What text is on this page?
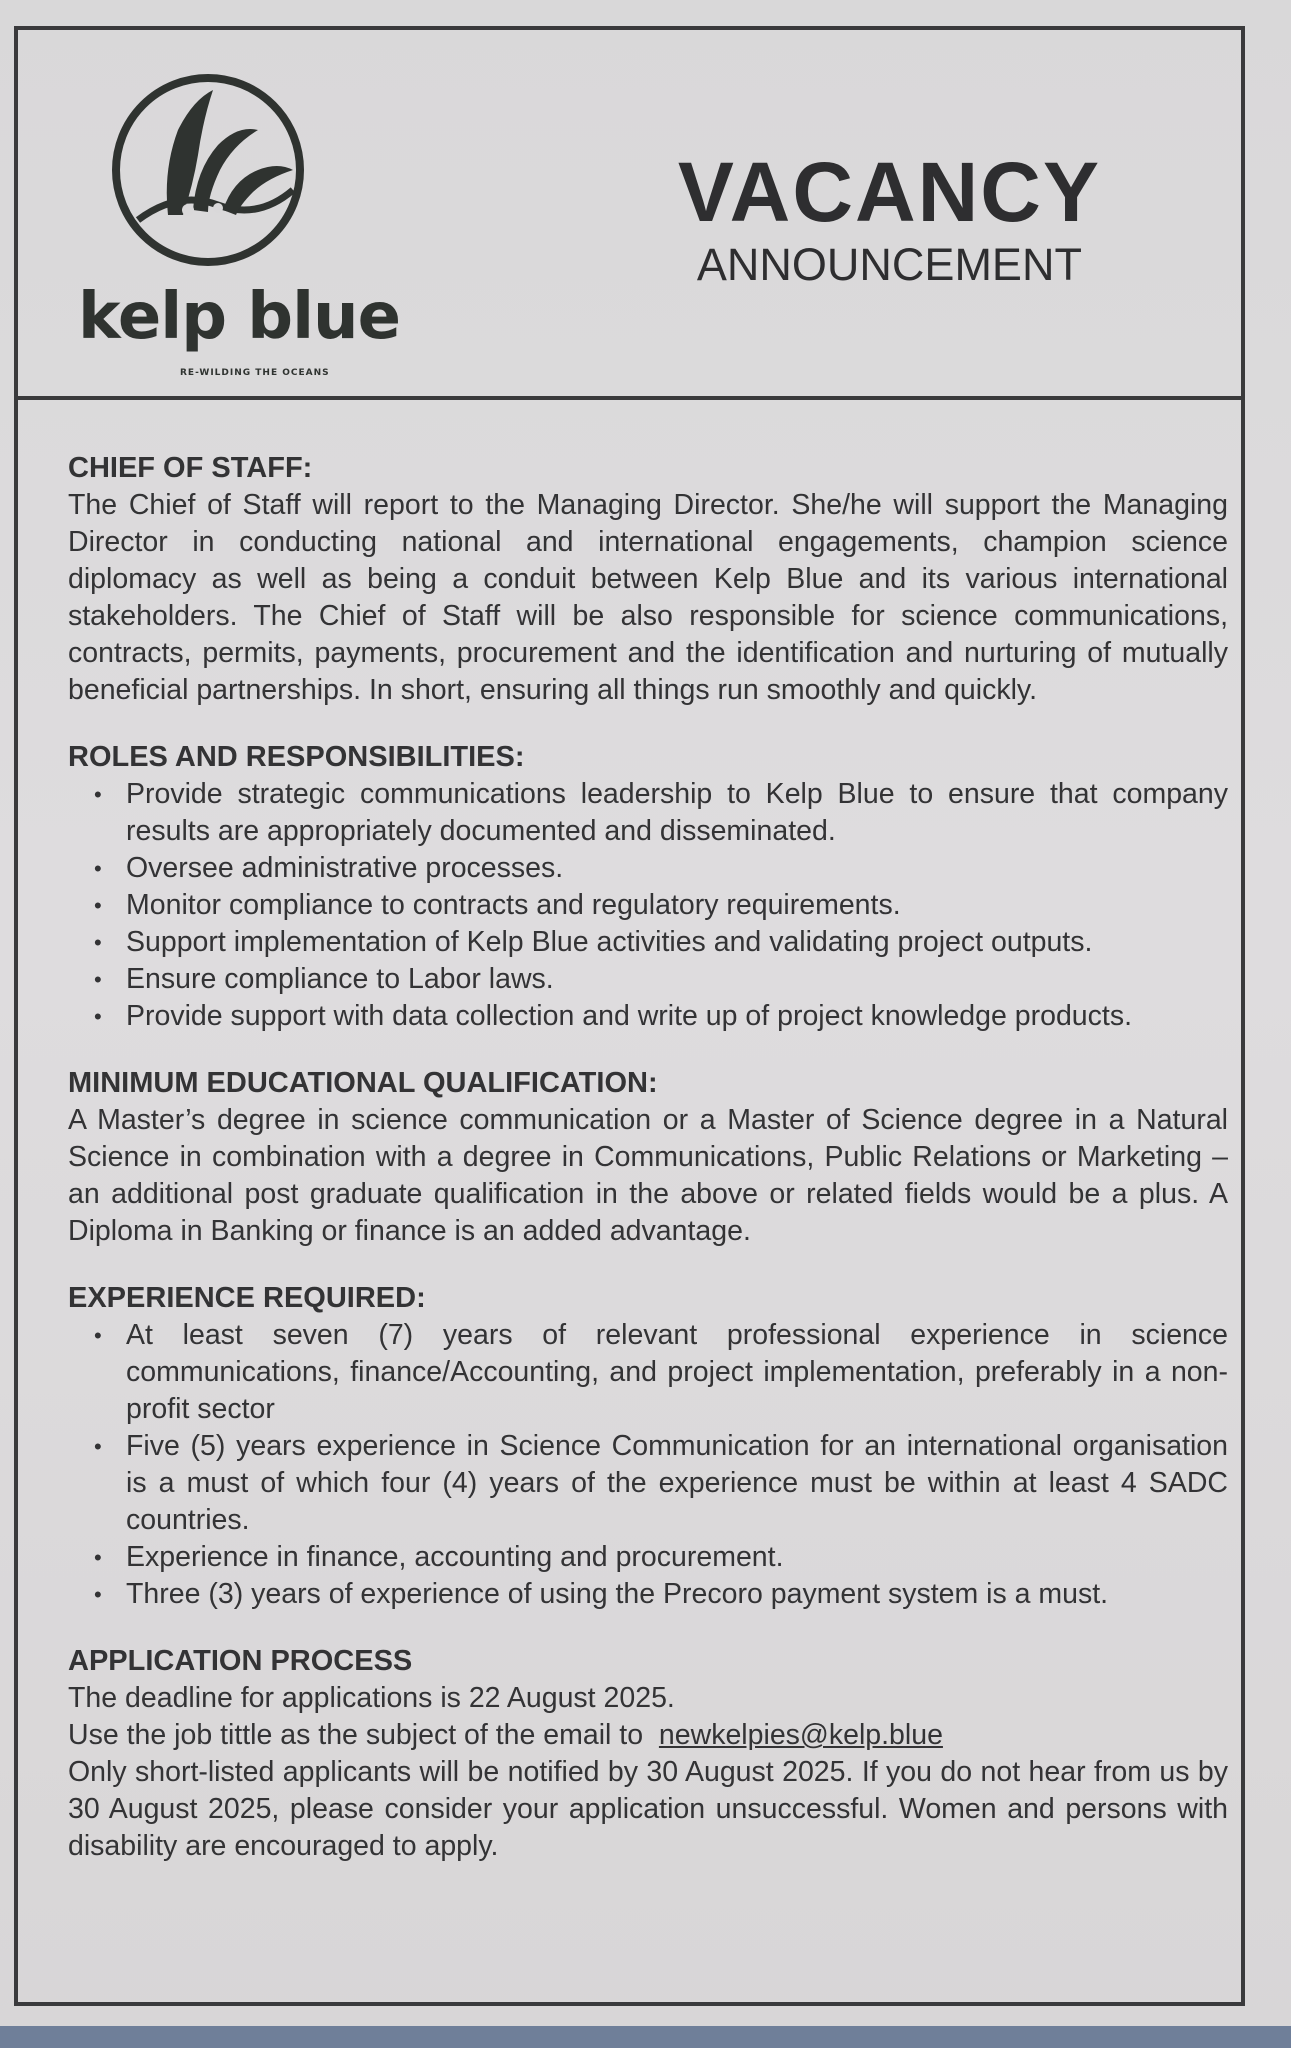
kelp blue
RE-WILDING THE OCEANS
VACANCY
ANNOUNCEMENT
CHIEF OF STAFF:
The Chief of Staff will report to the Managing Director. She/he will support the Managing Director in conducting national and international engagements, champion science diplomacy as well as being a conduit between Kelp Blue and its various international stakeholders. The Chief of Staff will be also responsible for science communications, contracts, permits, payments, procurement and the identification and nurturing of mutually beneficial partnerships. In short, ensuring all things run smoothly and quickly.
ROLES AND RESPONSIBILITIES:
• Provide strategic communications leadership to Kelp Blue to ensure that company results are appropriately documented and disseminated.
• Oversee administrative processes.
• Monitor compliance to contracts and regulatory requirements.
• Support implementation of Kelp Blue activities and validating project outputs.
• Ensure compliance to Labor laws.
• Provide support with data collection and write up of project knowledge products.
MINIMUM EDUCATIONAL QUALIFICATION:
A Master’s degree in science communication or a Master of Science degree in a Natural Science in combination with a degree in Communications, Public Relations or Marketing – an additional post graduate qualification in the above or related fields would be a plus. A Diploma in Banking or finance is an added advantage.
EXPERIENCE REQUIRED:
• At least seven (7) years of relevant professional experience in science communications, finance/Accounting, and project implementation, preferably in a non-profit sector
• Five (5) years experience in Science Communication for an international organisation is a must of which four (4) years of the experience must be within at least 4 SADC countries.
• Experience in finance, accounting and procurement.
• Three (3) years of experience of using the Precoro payment system is a must.
APPLICATION PROCESS
The deadline for applications is 22 August 2025.
Use the job tittle as the subject of the email to newkelpies@kelp.blue
Only short-listed applicants will be notified by 30 August 2025. If you do not hear from us by 30 August 2025, please consider your application unsuccessful. Women and persons with disability are encouraged to apply.
